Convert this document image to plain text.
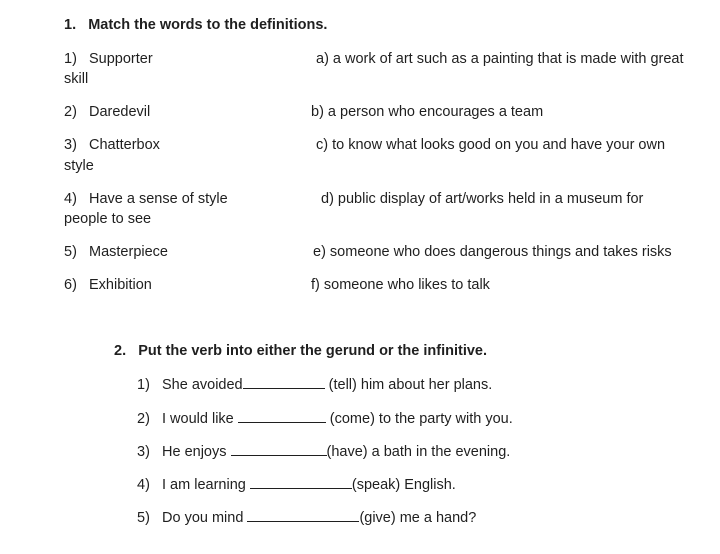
1. Match the words to the definitions.
1) Supporter	a) a work of art such as a painting that is made with great
skill
2) Daredevil	b) a person who encourages a team
3) Chatterbox	c) to know what looks good on you and have your own
style
4) Have a sense of style	d) public display of art/works held in a museum for
people to see
5) Masterpiece	e) someone who does dangerous things and takes risks
6) Exhibition	f) someone who likes to talk
2. Put the verb into either the gerund or the infinitive.
1) She avoided	(tell) him about her plans.
2) I would like	(come) to the party with you.
3) He enjoys	(have) a bath in the evening.
4) I am learning	(speak) English.
5) Do you mind	(give) me a hand?
